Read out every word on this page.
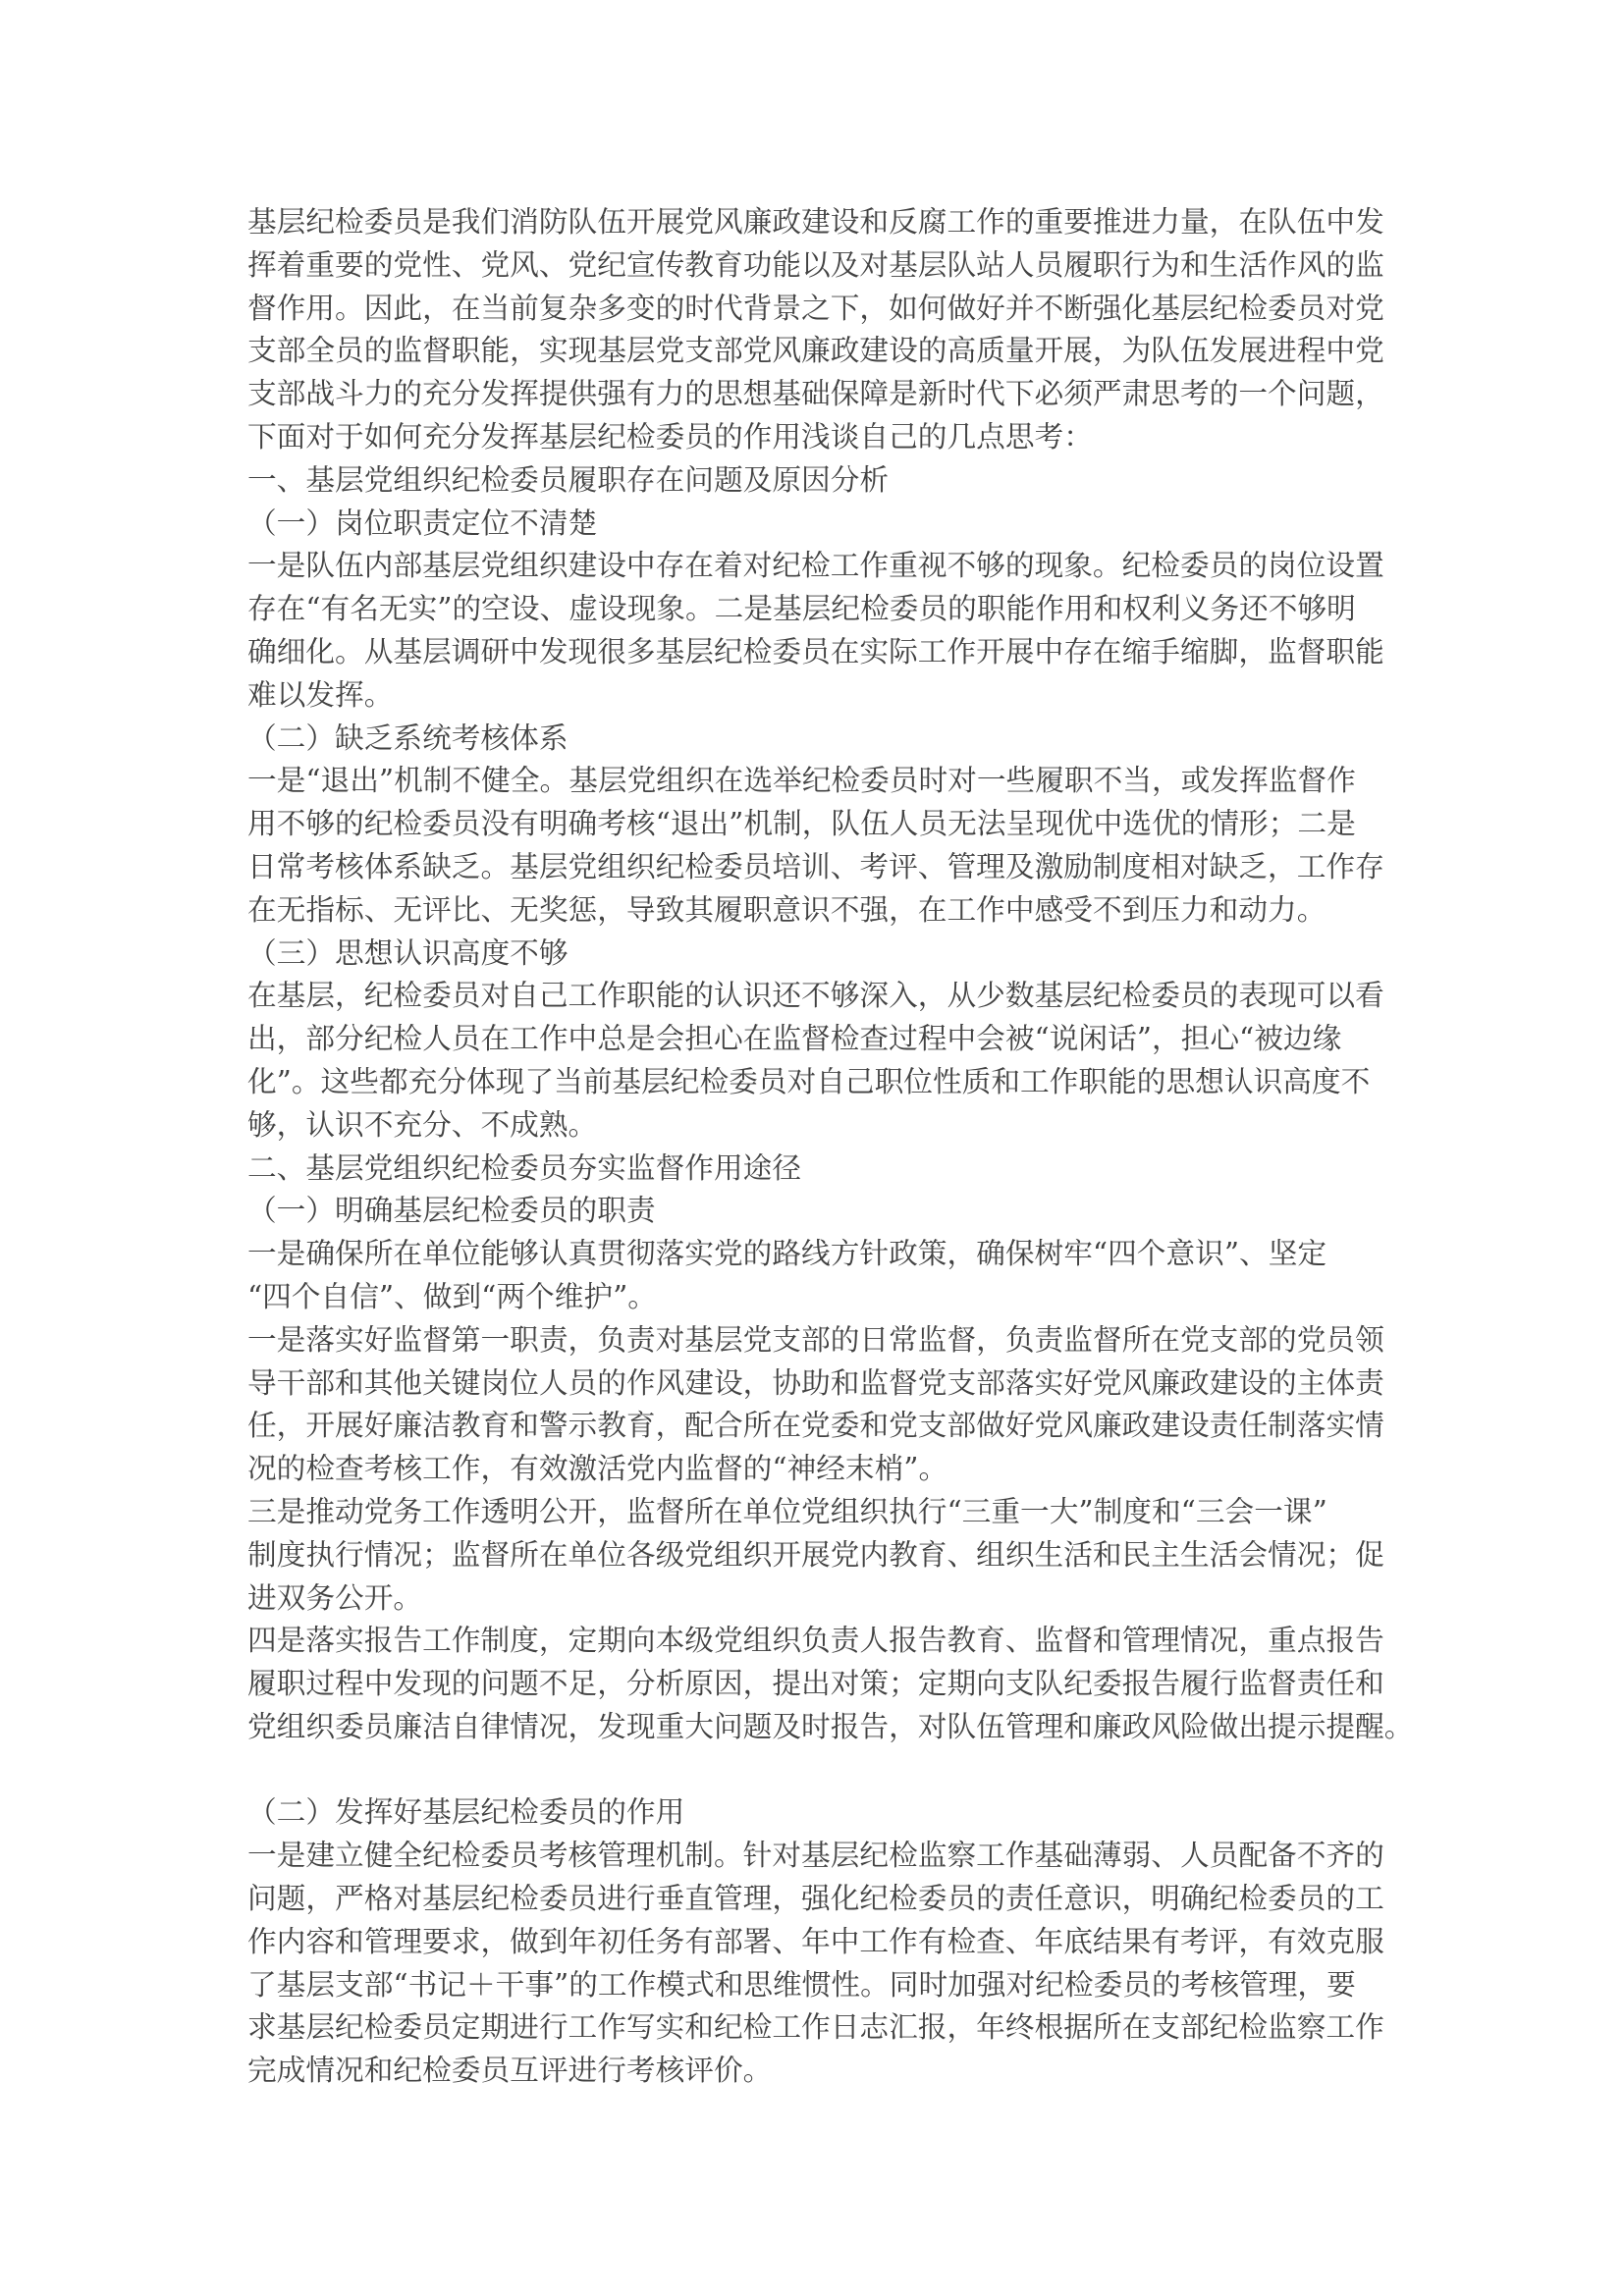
基层纪检委员是我们消防队伍开展党风廉政建设和反腐工作的重要推进力量，在队伍中发

挥着重要的党性、党风、党纪宣传教育功能以及对基层队站人员履职行为和生活作风的监

督作用。因此，在当前复杂多变的时代背景之下，如何做好并不断强化基层纪检委员对党

支部全员的监督职能，实现基层党支部党风廉政建设的高质量开展，为队伍发展进程中党

支部战斗力的充分发挥提供强有力的思想基础保障是新时代下必须严肃思考的一个问题，

下面对于如何充分发挥基层纪检委员的作用浅谈自己的几点思考：

一、基层党组织纪检委员履职存在问题及原因分析

（一）岗位职责定位不清楚

一是队伍内部基层党组织建设中存在着对纪检工作重视不够的现象。纪检委员的岗位设置

存在“有名无实”的空设、虚设现象。二是基层纪检委员的职能作用和权利义务还不够明

确细化。从基层调研中发现很多基层纪检委员在实际工作开展中存在缩手缩脚，监督职能

难以发挥。

（二）缺乏系统考核体系

一是“退出”机制不健全。基层党组织在选举纪检委员时对一些履职不当，或发挥监督作

用不够的纪检委员没有明确考核“退出”机制，队伍人员无法呈现优中选优的情形；二是

日常考核体系缺乏。基层党组织纪检委员培训、考评、管理及激励制度相对缺乏，工作存

在无指标、无评比、无奖惩，导致其履职意识不强，在工作中感受不到压力和动力。

（三）思想认识高度不够

在基层，纪检委员对自己工作职能的认识还不够深入，从少数基层纪检委员的表现可以看

出，部分纪检人员在工作中总是会担心在监督检查过程中会被“说闲话”，担心“被边缘

化”。这些都充分体现了当前基层纪检委员对自己职位性质和工作职能的思想认识高度不

够，认识不充分、不成熟。

二、基层党组织纪检委员夯实监督作用途径

（一）明确基层纪检委员的职责

一是确保所在单位能够认真贯彻落实党的路线方针政策，确保树牢“四个意识”、坚定

“四个自信”、做到“两个维护”。

一是落实好监督第一职责，负责对基层党支部的日常监督，负责监督所在党支部的党员领

导干部和其他关键岗位人员的作风建设，协助和监督党支部落实好党风廉政建设的主体责

任，开展好廉洁教育和警示教育，配合所在党委和党支部做好党风廉政建设责任制落实情

况的检查考核工作，有效激活党内监督的“神经末梢”。

三是推动党务工作透明公开，监督所在单位党组织执行“三重一大”制度和“三会一课”

制度执行情况；监督所在单位各级党组织开展党内教育、组织生活和民主生活会情况；促

进双务公开。

四是落实报告工作制度，定期向本级党组织负责人报告教育、监督和管理情况，重点报告

履职过程中发现的问题不足，分析原因，提出对策；定期向支队纪委报告履行监督责任和

党组织委员廉洁自律情况，发现重大问题及时报告，对队伍管理和廉政风险做出提示提醒。

（二）发挥好基层纪检委员的作用

一是建立健全纪检委员考核管理机制。针对基层纪检监察工作基础薄弱、人员配备不齐的

问题，严格对基层纪检委员进行垂直管理，强化纪检委员的责任意识，明确纪检委员的工

作内容和管理要求，做到年初任务有部署、年中工作有检查、年底结果有考评，有效克服

了基层支部“书记＋干事”的工作模式和思维惯性。同时加强对纪检委员的考核管理，要

求基层纪检委员定期进行工作写实和纪检工作日志汇报，年终根据所在支部纪检监察工作

完成情况和纪检委员互评进行考核评价。
